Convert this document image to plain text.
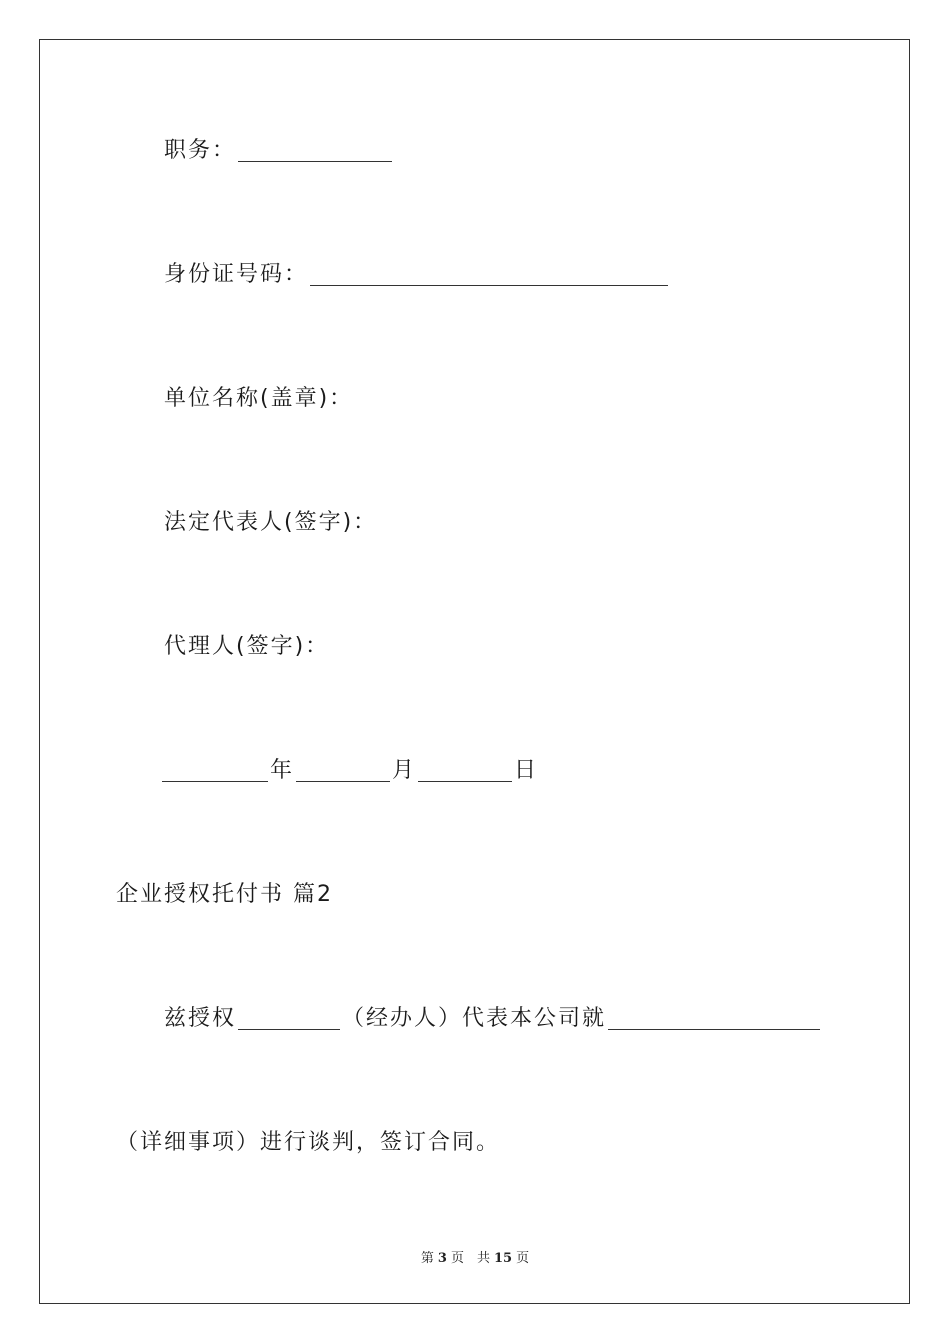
职务：
身份证号码：
单位名称(盖章)：
法定代表人(签字)：
代理人(签字)：
年	月	日
企业授权托付书 篇2
兹授权	（经办人）代表本公司就
（详细事项）进行谈判，签订合同。
第 3 页　共 15 页
